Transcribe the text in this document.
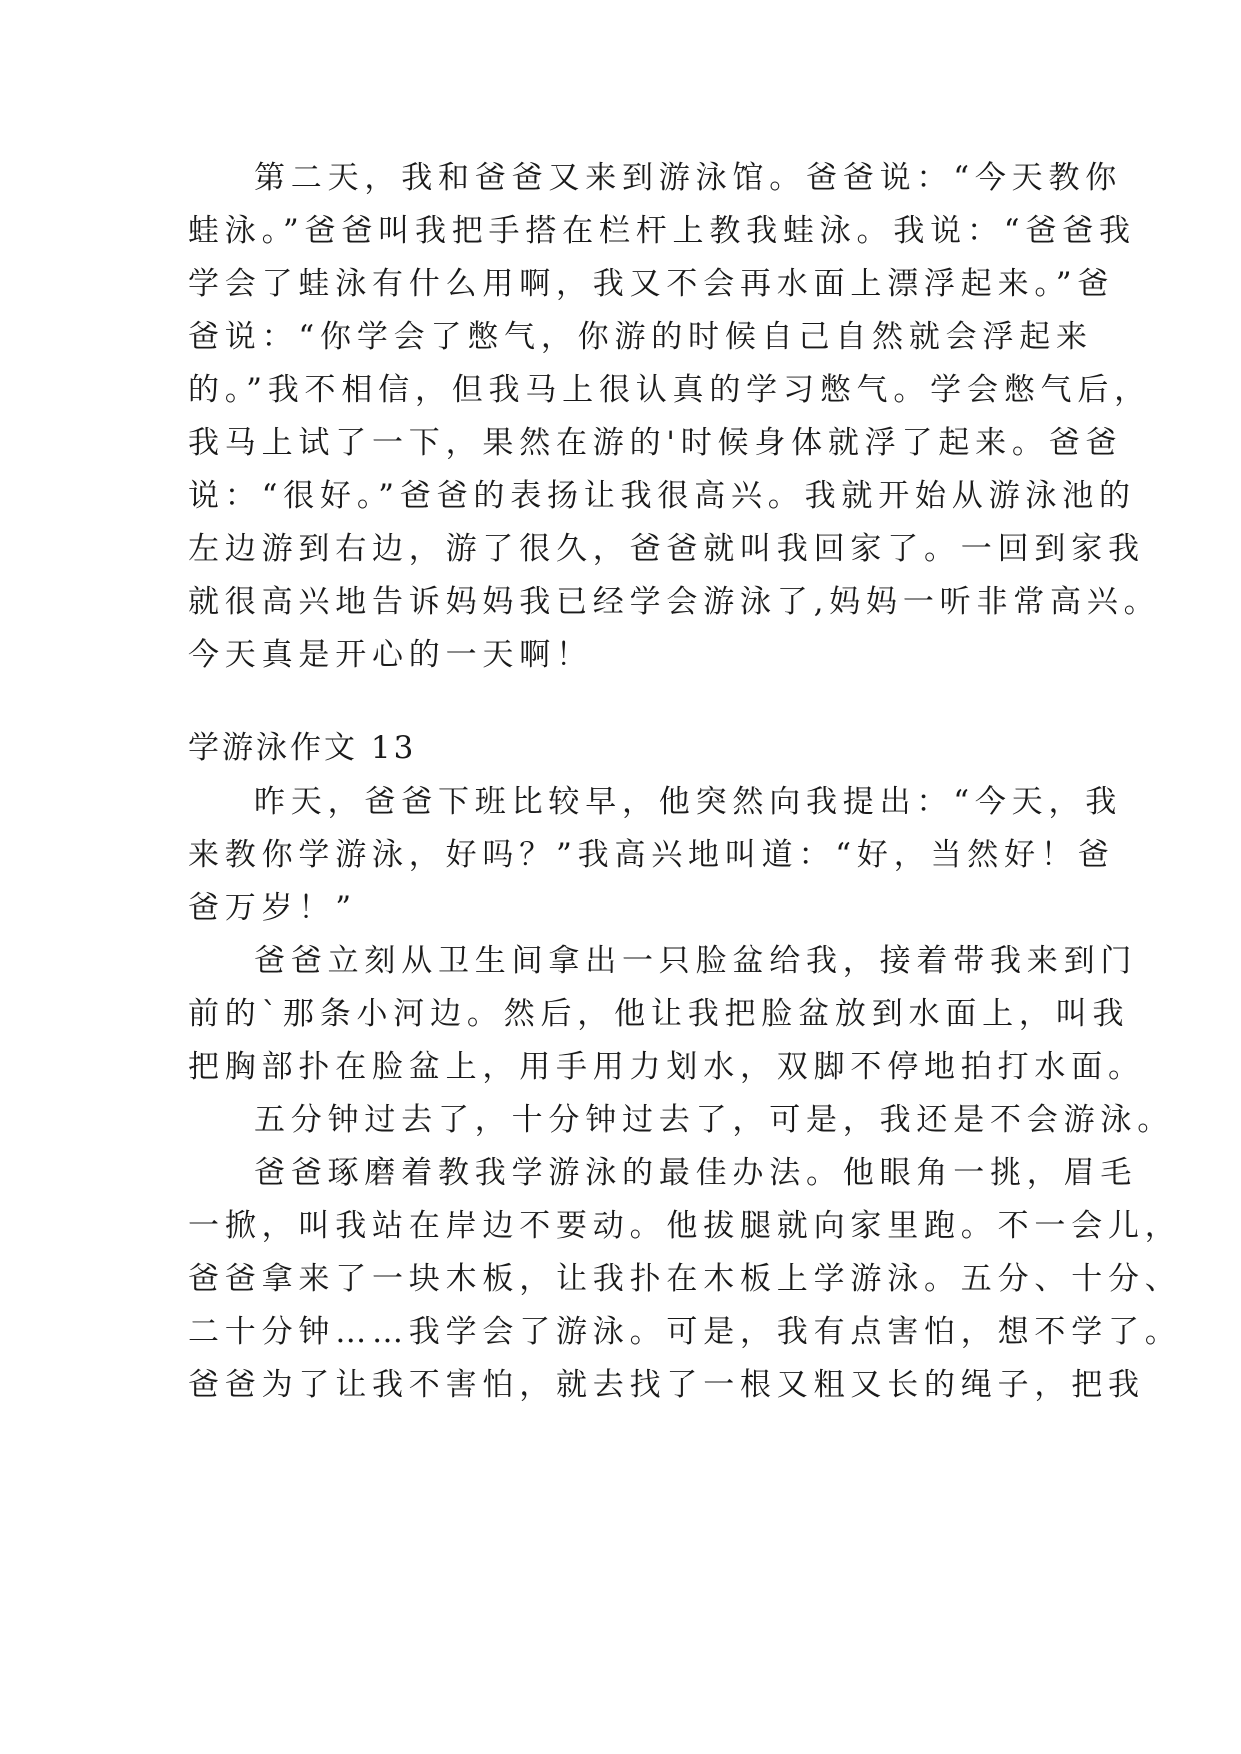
第二天，我和爸爸又来到游泳馆。爸爸说：“今天教你
蛙泳。”爸爸叫我把手搭在栏杆上教我蛙泳。我说：“爸爸我
学会了蛙泳有什么用啊，我又不会再水面上漂浮起来。”爸
爸说：“你学会了憋气，你游的时候自己自然就会浮起来
的。”我不相信，但我马上很认真的学习憋气。学会憋气后，
我马上试了一下，果然在游的'时候身体就浮了起来。爸爸
说：“很好。”爸爸的表扬让我很高兴。我就开始从游泳池的
左边游到右边，游了很久，爸爸就叫我回家了。一回到家我
就很高兴地告诉妈妈我已经学会游泳了,妈妈一听非常高兴。
今天真是开心的一天啊！
学游泳作文 13
昨天，爸爸下班比较早，他突然向我提出：“今天，我
来教你学游泳，好吗？”我高兴地叫道：“好，当然好！爸
爸万岁！”
爸爸立刻从卫生间拿出一只脸盆给我，接着带我来到门
前的`那条小河边。然后，他让我把脸盆放到水面上，叫我
把胸部扑在脸盆上，用手用力划水，双脚不停地拍打水面。
五分钟过去了，十分钟过去了，可是，我还是不会游泳。
爸爸琢磨着教我学游泳的最佳办法。他眼角一挑，眉毛
一掀，叫我站在岸边不要动。他拔腿就向家里跑。不一会儿，
爸爸拿来了一块木板，让我扑在木板上学游泳。五分、十分、
二十分钟……我学会了游泳。可是，我有点害怕，想不学了。
爸爸为了让我不害怕，就去找了一根又粗又长的绳子，把我
